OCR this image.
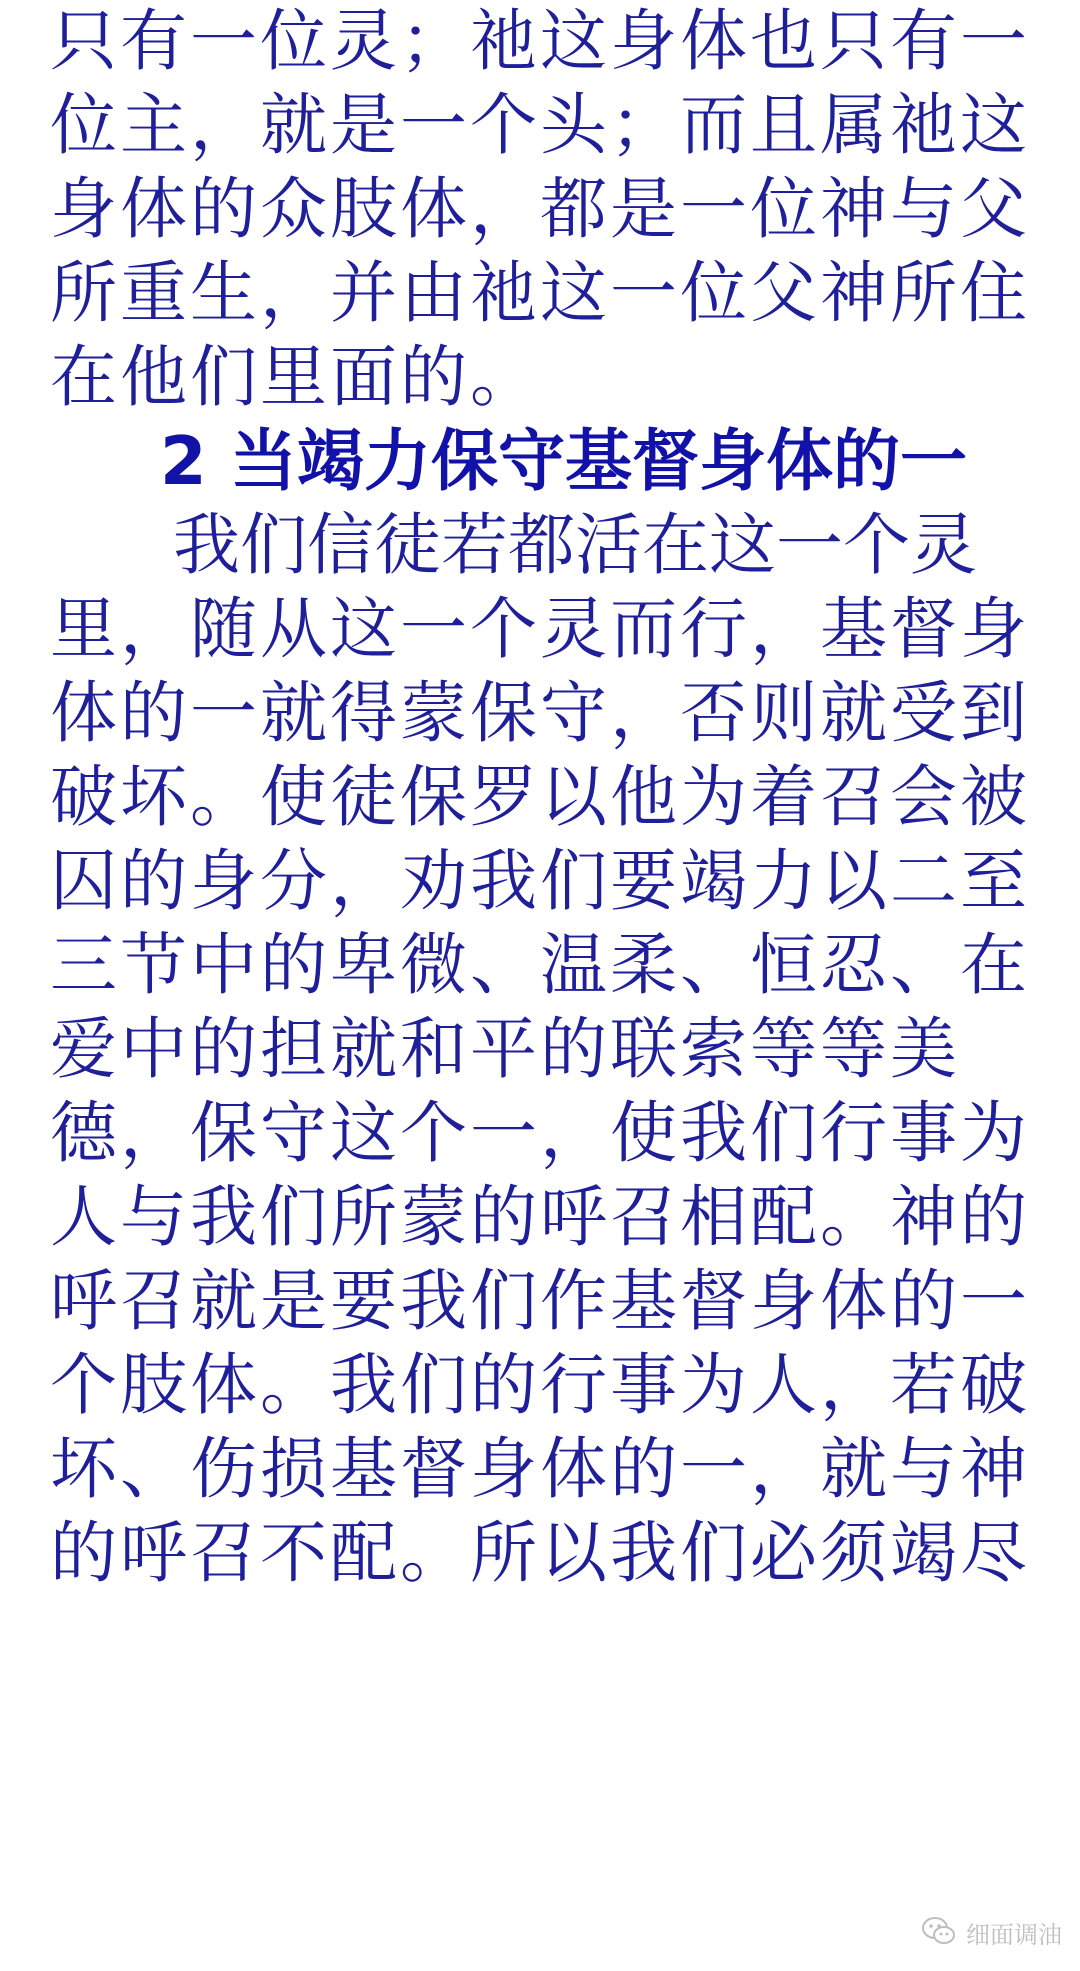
只有一位灵；祂这身体也只有一
位主，就是一个头；而且属祂这
身体的众肢体，都是一位神与父
所重生，并由祂这一位父神所住
在他们里面的。
2 当竭力保守基督身体的一
我们信徒若都活在这一个灵
里，随从这一个灵而行，基督身
体的一就得蒙保守，否则就受到
破坏。使徒保罗以他为着召会被
囚的身分，劝我们要竭力以二至
三节中的卑微、温柔、恒忍、在
爱中的担就和平的联索等等美
德，保守这个一，使我们行事为
人与我们所蒙的呼召相配。神的
呼召就是要我们作基督身体的一
个肢体。我们的行事为人，若破
坏、伤损基督身体的一，就与神
的呼召不配。所以我们必须竭尽
细面调油
